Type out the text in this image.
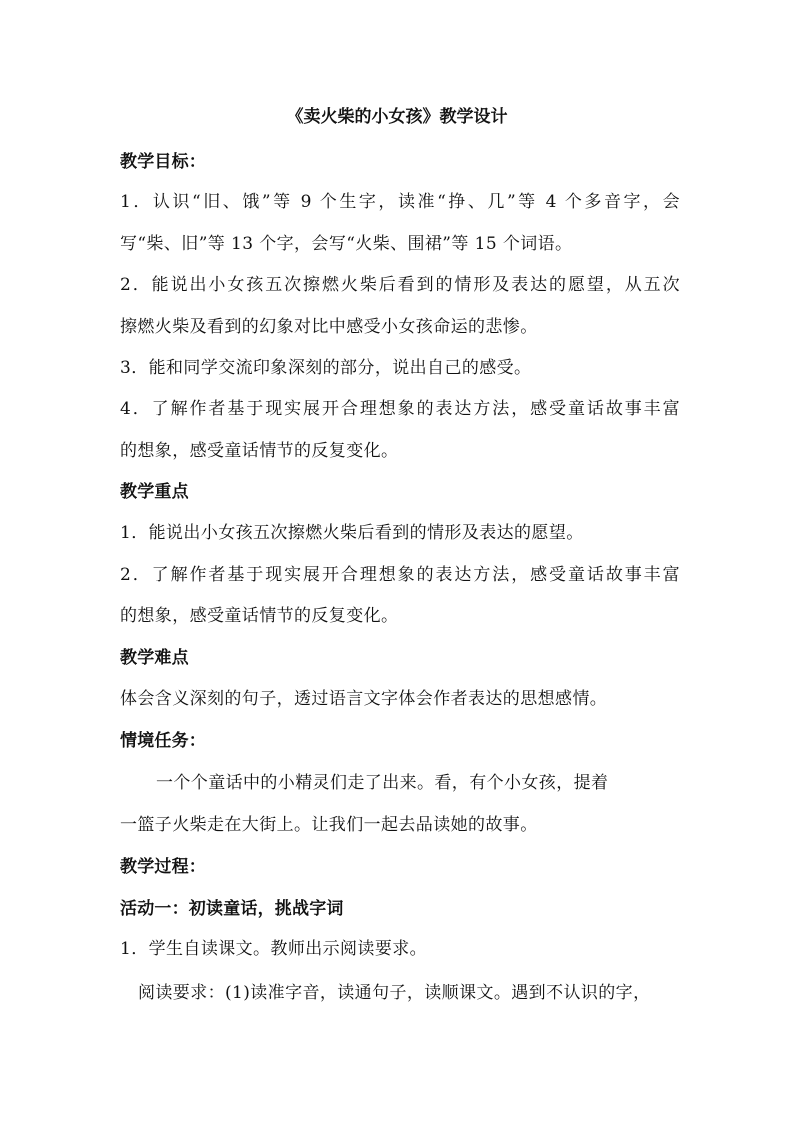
《卖火柴的小女孩》教学设计
教学目标：
1．认识“旧、饿”等 9 个生字，读准“挣、几”等 4 个多音字，会
写“柴、旧”等 13 个字，会写“火柴、围裙”等 15 个词语。
2．能说出小女孩五次擦燃火柴后看到的情形及表达的愿望，从五次
擦燃火柴及看到的幻象对比中感受小女孩命运的悲惨。
3．能和同学交流印象深刻的部分，说出自己的感受。
4．了解作者基于现实展开合理想象的表达方法，感受童话故事丰富
的想象，感受童话情节的反复变化。
教学重点
1．能说出小女孩五次擦燃火柴后看到的情形及表达的愿望。
2．了解作者基于现实展开合理想象的表达方法，感受童话故事丰富
的想象，感受童话情节的反复变化。
教学难点
体会含义深刻的句子，透过语言文字体会作者表达的思想感情。
情境任务：
一个个童话中的小精灵们走了出来。看，有个小女孩，提着
一篮子火柴走在大街上。让我们一起去品读她的故事。
教学过程：
活动一：初读童话，挑战字词
1．学生自读课文。教师出示阅读要求。
阅读要求：(1)读准字音，读通句子，读顺课文。遇到不认识的字，
